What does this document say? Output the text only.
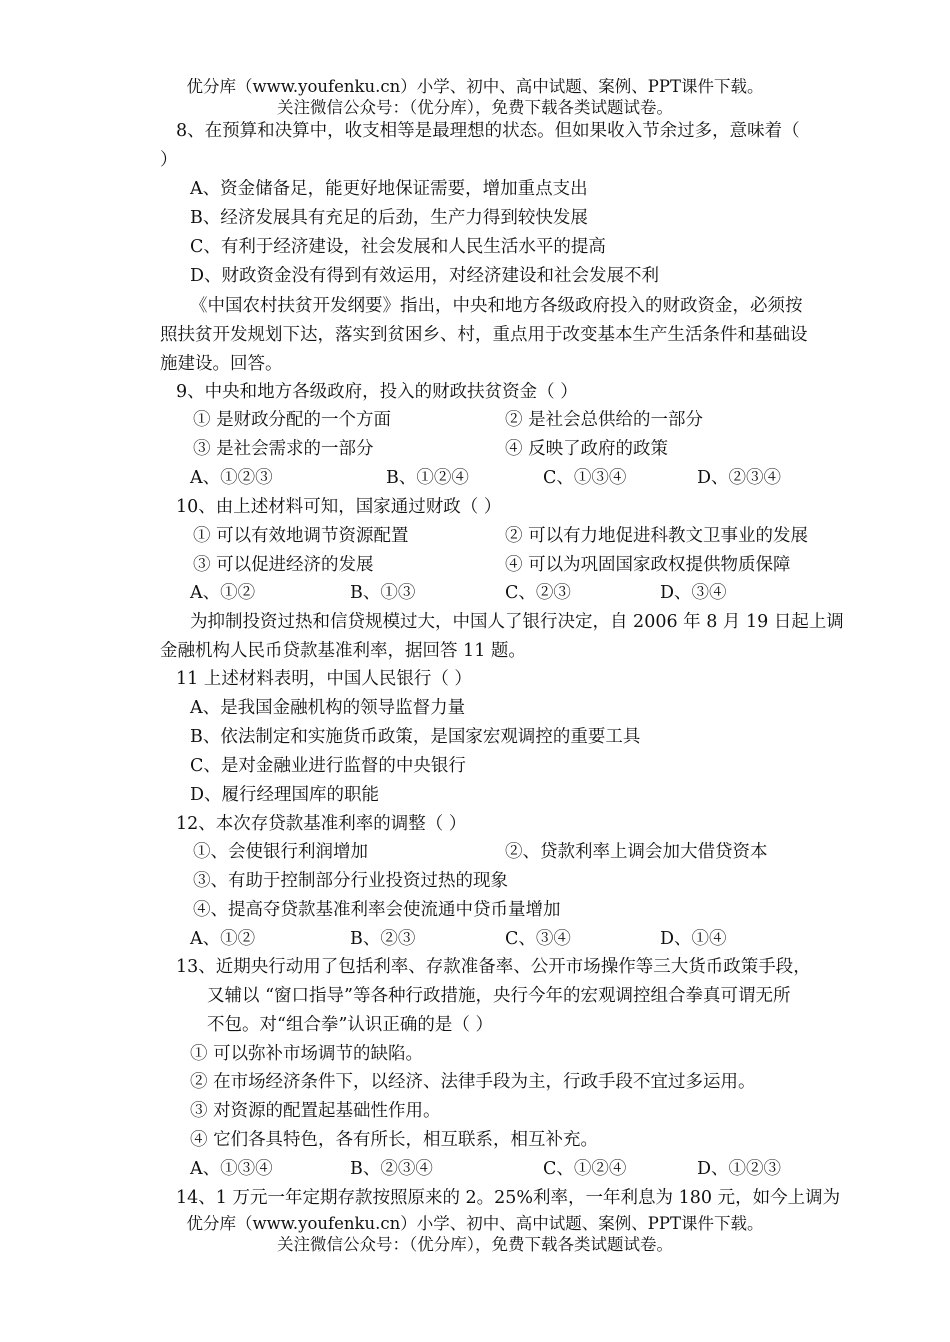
优分库（www.youfenku.cn）小学、初中、高中试题、案例、PPT课件下载。
关注微信公众号：（优分库），免费下载各类试题试卷。
8、在预算和决算中，收支相等是最理想的状态。但如果收入节余过多，意味着（
）
A、资金储备足，能更好地保证需要，增加重点支出
B、经济发展具有充足的后劲，生产力得到较快发展
C、有利于经济建设，社会发展和人民生活水平的提高
D、财政资金没有得到有效运用，对经济建设和社会发展不利
《中国农村扶贫开发纲要》指出，中央和地方各级政府投入的财政资金，必须按
照扶贫开发规划下达，落实到贫困乡、村，重点用于改变基本生产生活条件和基础设
施建设。回答。
9、中央和地方各级政府，投入的财政扶贫资金（ ）
① 是财政分配的一个方面	② 是社会总供给的一部分
③ 是社会需求的一部分	④ 反映了政府的政策
A、①②③	B、①②④	C、①③④	D、②③④
10、由上述材料可知，国家通过财政（ ）
① 可以有效地调节资源配置	② 可以有力地促进科教文卫事业的发展
③ 可以促进经济的发展	④ 可以为巩固国家政权提供物质保障
A、①②	B、①③	C、②③	D、③④
为抑制投资过热和信贷规模过大，中国人了银行决定，自 2006 年 8 月 19 日起上调
金融机构人民币贷款基准利率，据回答 11 题。
11 上述材料表明，中国人民银行（ ）
A、是我国金融机构的领导监督力量
B、依法制定和实施货币政策，是国家宏观调控的重要工具
C、是对金融业进行监督的中央银行
D、履行经理国库的职能
12、本次存贷款基准利率的调整（ ）
①、会使银行利润增加	②、贷款利率上调会加大借贷资本
③、有助于控制部分行业投资过热的现象
④、提高夺贷款基准利率会使流通中贷币量增加
A、①②	B、②③	C、③④	D、①④
13、近期央行动用了包括利率、存款准备率、公开市场操作等三大货币政策手段，
又辅以 “窗口指导”等各种行政措施，央行今年的宏观调控组合拳真可谓无所
不包。对“组合拳”认识正确的是（ ）
① 可以弥补市场调节的缺陷。
② 在市场经济条件下，以经济、法律手段为主，行政手段不宜过多运用。
③ 对资源的配置起基础性作用。
④ 它们各具特色，各有所长，相互联系，相互补充。
A、①③④	B、②③④	C、①②④	D、①②③
14、1 万元一年定期存款按照原来的 2。25%利率，一年利息为 180 元，如今上调为
优分库（www.youfenku.cn）小学、初中、高中试题、案例、PPT课件下载。
关注微信公众号：（优分库），免费下载各类试题试卷。
